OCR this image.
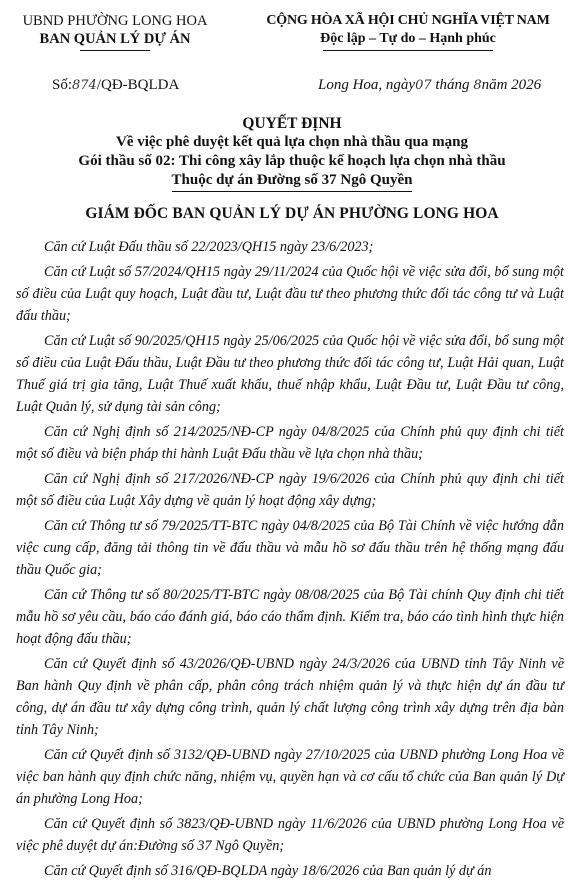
UBND PHƯỜNG LONG HOA
BAN QUẢN LÝ DỰ ÁN
CỘNG HÒA XÃ HỘI CHỦ NGHĨA VIỆT NAM
Độc lập – Tự do – Hạnh phúc
Số:874/QĐ-BQLDA	Long Hoa, ngày07 tháng 8năm 2026
QUYẾT ĐỊNH
Về việc phê duyệt kết quả lựa chọn nhà thầu qua mạng
Gói thầu số 02: Thi công xây lắp thuộc kế hoạch lựa chọn nhà thầu
Thuộc dự án Đường số 37 Ngô Quyền
GIÁM ĐỐC BAN QUẢN LÝ DỰ ÁN PHƯỜNG LONG HOA

Căn cứ Luật Đấu thầu số 22/2023/QH15 ngày 23/6/2023;

Căn cứ Luật số 57/2024/QH15 ngày 29/11/2024 của Quốc hội về việc sửa đổi, bổ sung một số điều của Luật quy hoạch, Luật đầu tư, Luật đầu tư theo phương thức đối tác công tư và Luật đấu thầu;

Căn cứ Luật số 90/2025/QH15 ngày 25/06/2025 của Quốc hội về việc sửa đổi, bổ sung một số điều của Luật Đấu thầu, Luật Đầu tư theo phương thức đối tác công tư, Luật Hải quan, Luật Thuế giá trị gia tăng, Luật Thuế xuất khẩu, thuế nhập khẩu, Luật Đầu tư, Luật Đầu tư công, Luật Quản lý, sử dụng tài sản công;

Căn cứ Nghị định số 214/2025/NĐ-CP ngày 04/8/2025 của Chính phủ quy định chi tiết một số điều và biện pháp thi hành Luật Đấu thầu về lựa chọn nhà thầu;

Căn cứ Nghị định số 217/2026/NĐ-CP ngày 19/6/2026 của Chính phủ quy định chi tiết một số điều của Luật Xây dựng về quản lý hoạt động xây dựng;

Căn cứ Thông tư số 79/2025/TT-BTC ngày 04/8/2025 của Bộ Tài Chính về việc hướng dẫn việc cung cấp, đăng tải thông tin về đấu thầu và mẫu hồ sơ đấu thầu trên hệ thống mạng đấu thầu Quốc gia;

Căn cứ Thông tư số 80/2025/TT-BTC ngày 08/08/2025 của Bộ Tài chính Quy định chi tiết mẫu hồ sơ yêu cầu, báo cáo đánh giá, báo cáo thẩm định. Kiểm tra, báo cáo tình hình thực hiện hoạt động đấu thầu;

Căn cứ Quyết định số 43/2026/QĐ-UBND ngày 24/3/2026 của UBND tỉnh Tây Ninh về Ban hành Quy định về phân cấp, phân công trách nhiệm quản lý và thực hiện dự án đầu tư công, dự án đầu tư xây dựng công trình, quản lý chất lượng công trình xây dựng trên địa bàn tỉnh Tây Ninh;

Căn cứ Quyết định số 3132/QĐ-UBND ngày 27/10/2025 của UBND phường Long Hoa về việc ban hành quy định chức năng, nhiệm vụ, quyền hạn và cơ cấu tổ chức của Ban quản lý Dự án phường Long Hoa;

Căn cứ Quyết định số 3823/QĐ-UBND ngày 11/6/2026 của UBND phường Long Hoa về việc phê duyệt dự án:Đường số 37 Ngô Quyền;

Căn cứ Quyết định số 316/QĐ-BQLDA ngày 18/6/2026 của Ban quản lý dự án
